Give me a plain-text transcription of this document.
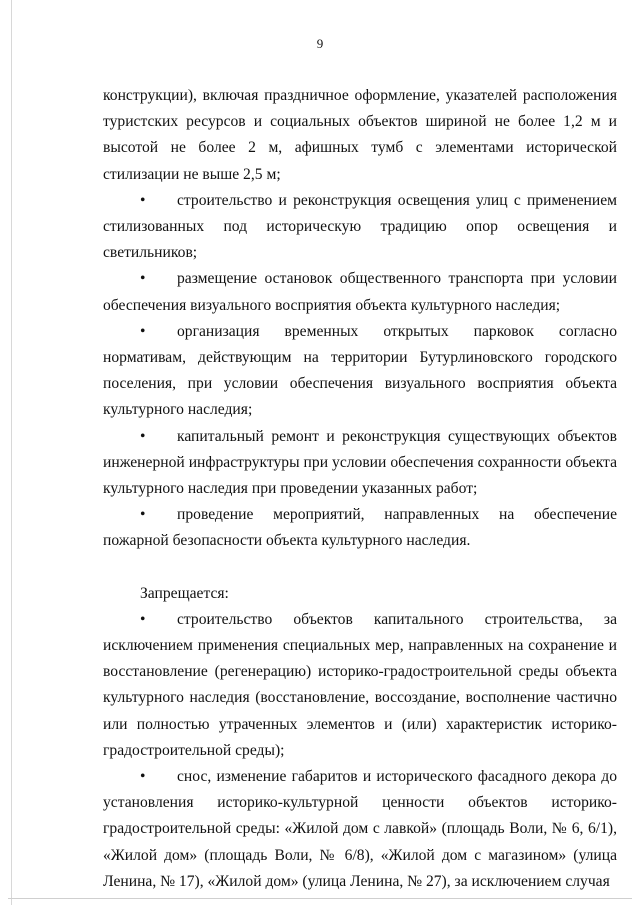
9

конструкции), включая праздничное оформление, указателей расположения туристских ресурсов и социальных объектов шириной не более 1,2 м и высотой не более 2 м, афишных тумб с элементами исторической стилизации не выше 2,5 м;

• строительство и реконструкция освещения улиц с применением стилизованных под историческую традицию опор освещения и светильников;

• размещение остановок общественного транспорта при условии обеспечения визуального восприятия объекта культурного наследия;

• организация временных открытых парковок согласно нормативам, действующим на территории Бутурлиновского городского поселения, при условии обеспечения визуального восприятия объекта культурного наследия;

• капитальный ремонт и реконструкция существующих объектов инженерной инфраструктуры при условии обеспечения сохранности объекта культурного наследия при проведении указанных работ;

• проведение мероприятий, направленных на обеспечение пожарной безопасности объекта культурного наследия.

Запрещается:

• строительство объектов капитального строительства, за исключением применения специальных мер, направленных на сохранение и восстановление (регенерацию) историко-градостроительной среды объекта культурного наследия (восстановление, воссоздание, восполнение частично или полностью утраченных элементов и (или) характеристик историко-градостроительной среды);

• снос, изменение габаритов и исторического фасадного декора до установления историко-культурной ценности объектов историко-градостроительной среды: «Жилой дом с лавкой» (площадь Воли, № 6, 6/1), «Жилой дом» (площадь Воли, № 6/8), «Жилой дом с магазином» (улица Ленина, № 17), «Жилой дом» (улица Ленина, № 27), за исключением случая
